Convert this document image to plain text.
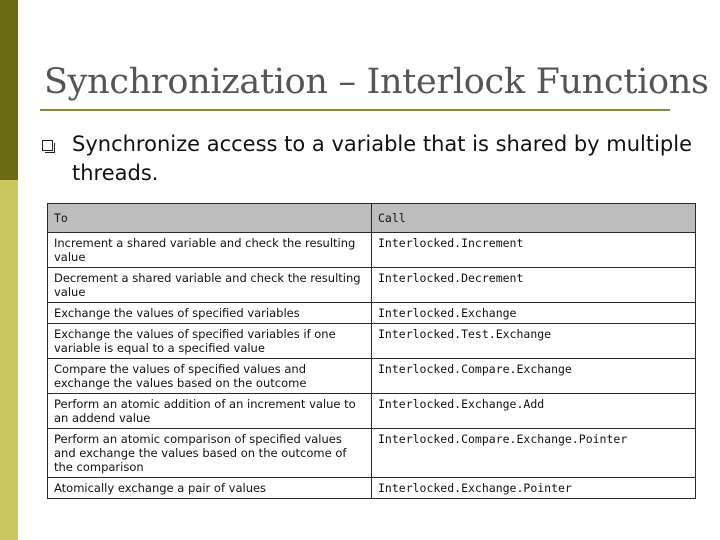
Synchronization – Interlock Functions
Synchronize access to a variable that is shared by multiple threads.
To	Call
Increment a shared variable and check the resulting value	Interlocked.Increment
Decrement a shared variable and check the resulting value	Interlocked.Decrement
Exchange the values of specified variables	Interlocked.Exchange
Exchange the values of specified variables if one variable is equal to a specified value	Interlocked.Test.Exchange
Compare the values of specified values and exchange the values based on the outcome	Interlocked.Compare.Exchange
Perform an atomic addition of an increment value to an addend value	Interlocked.Exchange.Add
Perform an atomic comparison of specified values and exchange the values based on the outcome of the comparison	Interlocked.Compare.Exchange.Pointer
Atomically exchange a pair of values	Interlocked.Exchange.Pointer
